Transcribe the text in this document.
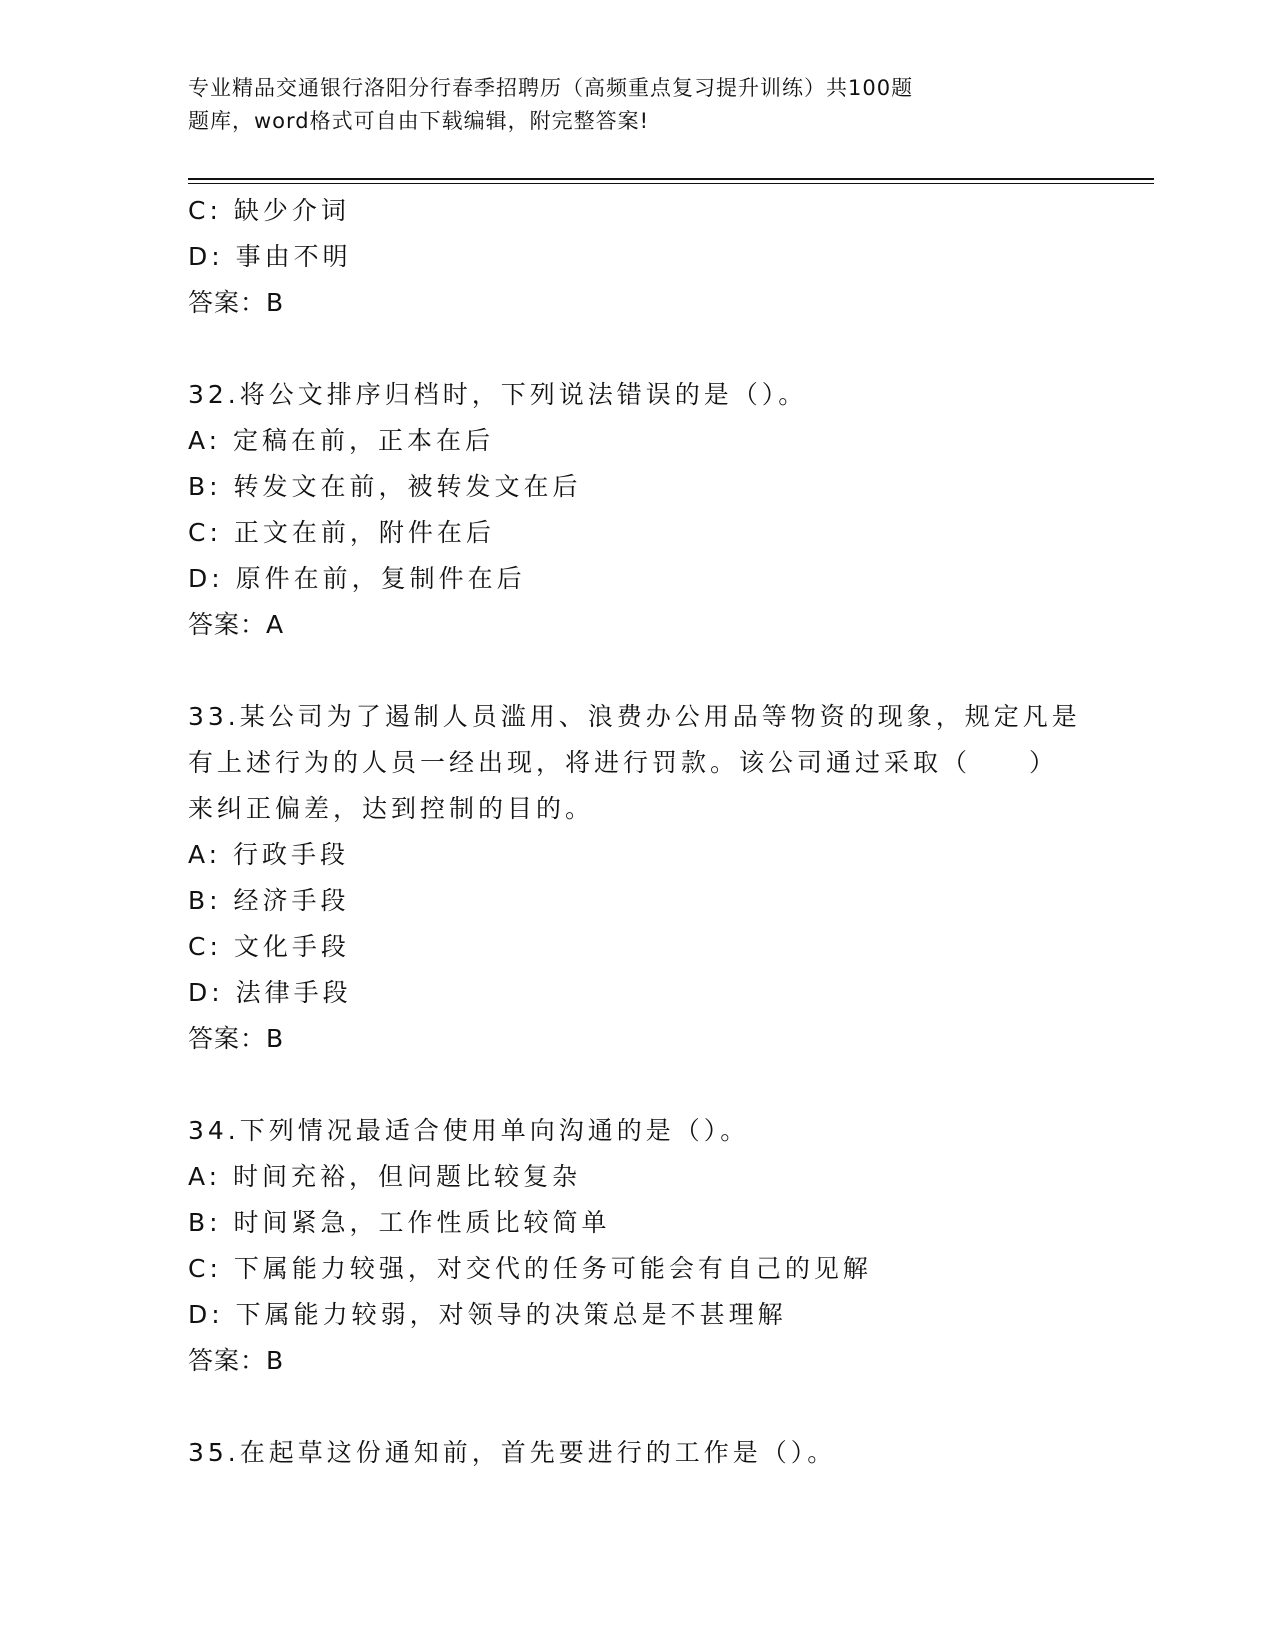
专业精品交通银行洛阳分行春季招聘历（高频重点复习提升训练）共100题
题库，word格式可自由下载编辑，附完整答案!
C: 缺少介词
D: 事由不明
答案：B
32.将公文排序归档时，下列说法错误的是（）。
A: 定稿在前，正本在后
B: 转发文在前，被转发文在后
C: 正文在前，附件在后
D: 原件在前，复制件在后
答案：A
33.某公司为了遏制人员滥用、浪费办公用品等物资的现象，规定凡是
有上述行为的人员一经出现，将进行罚款。该公司通过采取（　　）
来纠正偏差，达到控制的目的。
A: 行政手段
B: 经济手段
C: 文化手段
D: 法律手段
答案：B
34.下列情况最适合使用单向沟通的是（）。
A: 时间充裕，但问题比较复杂
B: 时间紧急，工作性质比较简单
C: 下属能力较强，对交代的任务可能会有自己的见解
D: 下属能力较弱，对领导的决策总是不甚理解
答案：B
35.在起草这份通知前，首先要进行的工作是（）。
